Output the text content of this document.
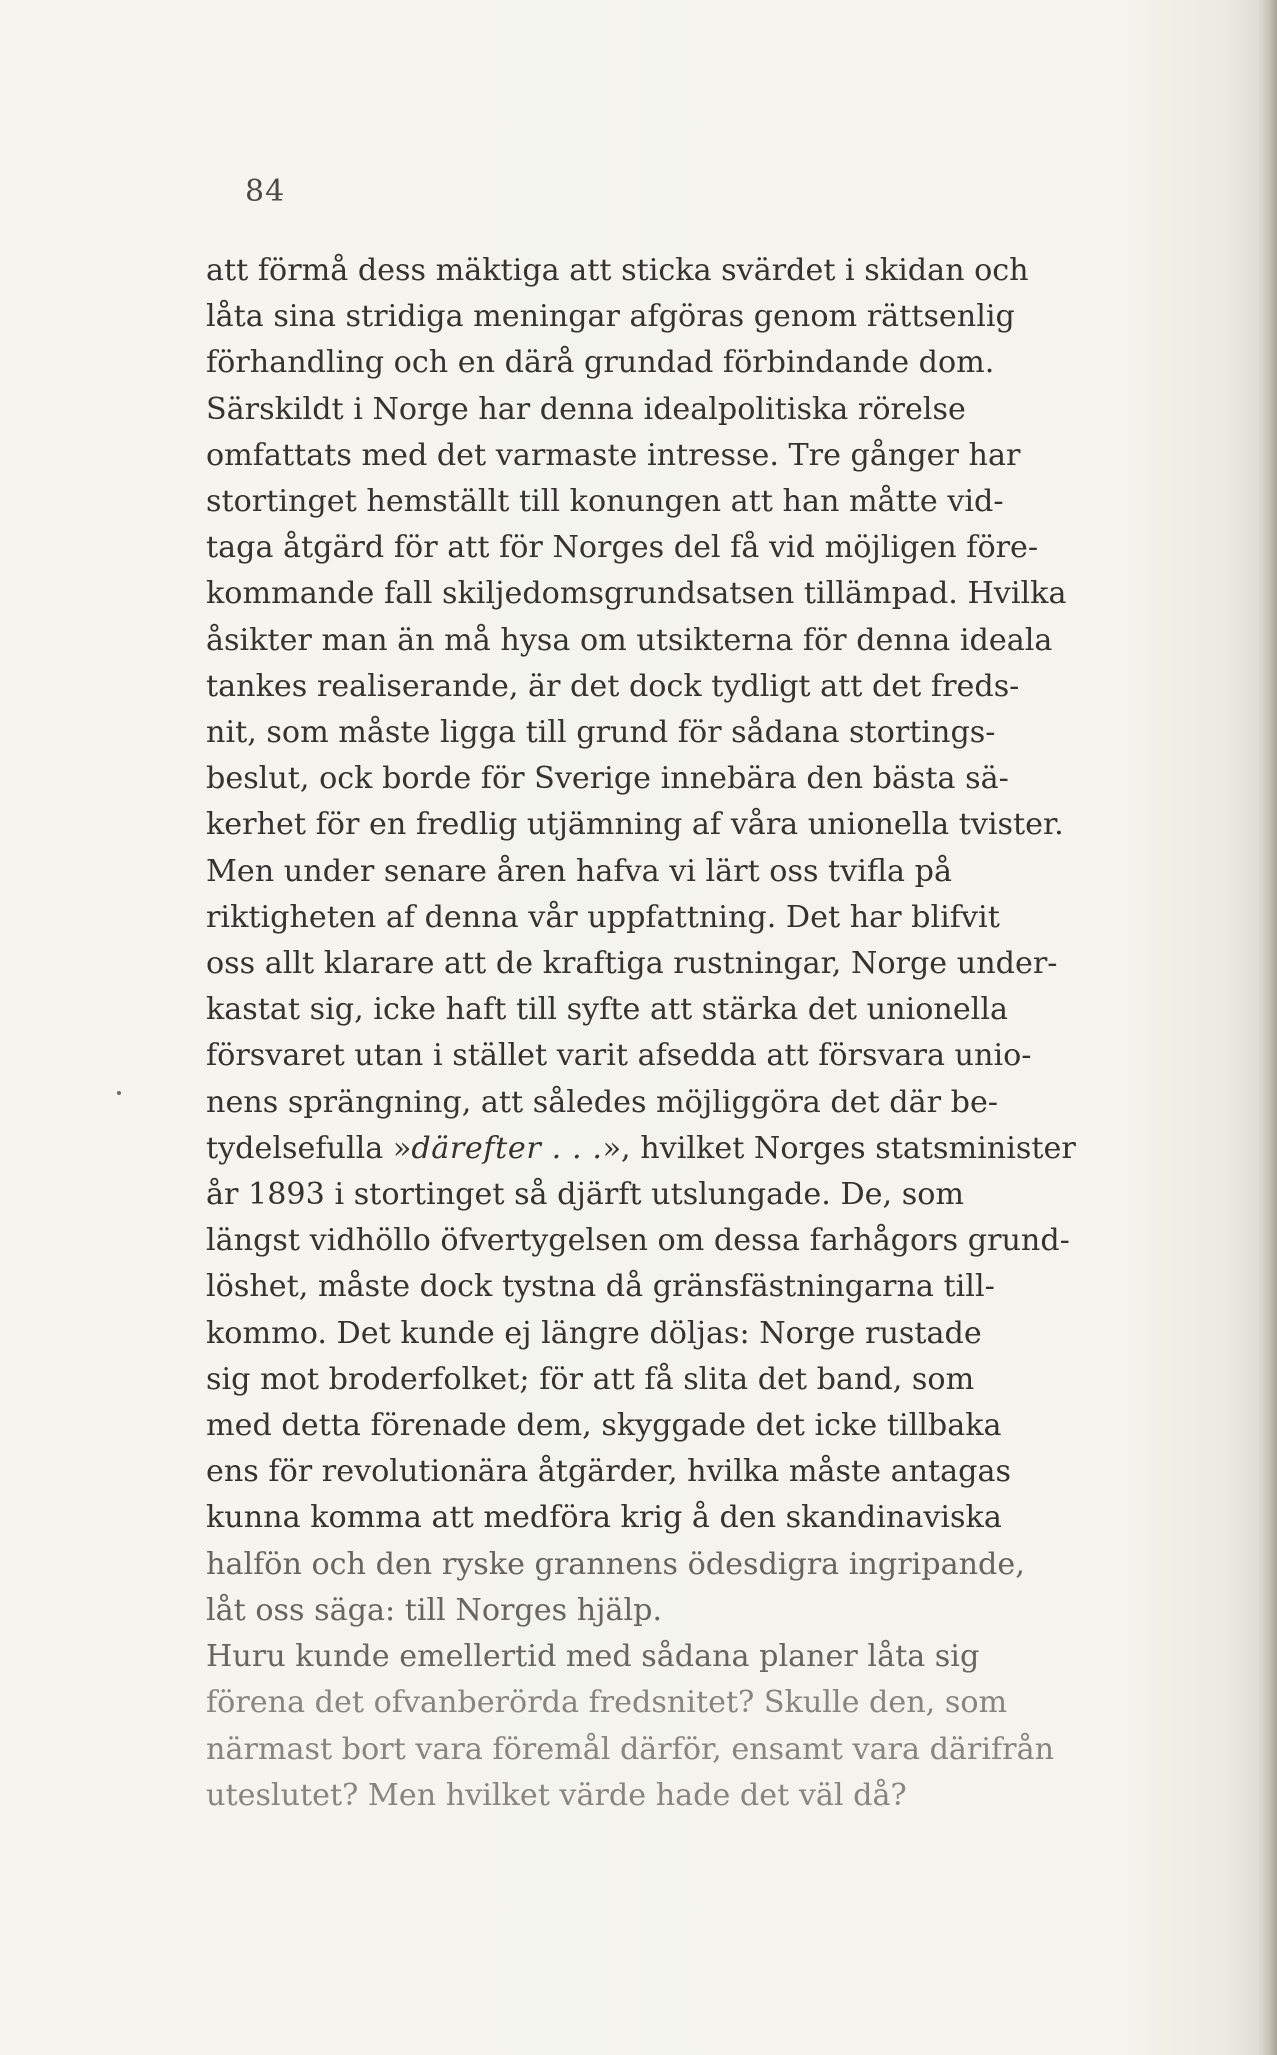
84
att förmå dess mäktiga att sticka svärdet i skidan och
låta sina stridiga meningar afgöras genom rättsenlig
förhandling och en därå grundad förbindande dom.
Särskildt i Norge har denna idealpolitiska rörelse
omfattats med det varmaste intresse. Tre gånger har
stortinget hemställt till konungen att han måtte vid-
taga åtgärd för att för Norges del få vid möjligen före-
kommande fall skiljedomsgrundsatsen tillämpad. Hvilka
åsikter man än må hysa om utsikterna för denna ideala
tankes realiserande, är det dock tydligt att det freds-
nit, som måste ligga till grund för sådana stortings-
beslut, ock borde för Sverige innebära den bästa sä-
kerhet för en fredlig utjämning af våra unionella tvister.
Men under senare åren hafva vi lärt oss tvifla på
riktigheten af denna vår uppfattning. Det har blifvit
oss allt klarare att de kraftiga rustningar, Norge under-
kastat sig, icke haft till syfte att stärka det unionella
försvaret utan i stället varit afsedda att försvara unio-
nens sprängning, att således möjliggöra det där be-
tydelsefulla »därefter . . .», hvilket Norges statsminister
år 1893 i stortinget så djärft utslungade. De, som
längst vidhöllo öfvertygelsen om dessa farhågors grund-
löshet, måste dock tystna då gränsfästningarna till-
kommo. Det kunde ej längre döljas: Norge rustade
sig mot broderfolket; för att få slita det band, som
med detta förenade dem, skyggade det icke tillbaka
ens för revolutionära åtgärder, hvilka måste antagas
kunna komma att medföra krig å den skandinaviska
halfön och den ryske grannens ödesdigra ingripande,
låt oss säga: till Norges hjälp.
Huru kunde emellertid med sådana planer låta sig
förena det ofvanberörda fredsnitet? Skulle den, som
närmast bort vara föremål därför, ensamt vara därifrån
uteslutet? Men hvilket värde hade det väl då?
